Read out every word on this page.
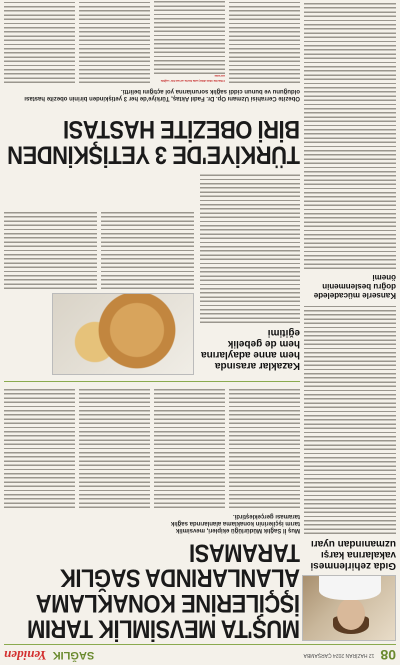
08
12 HAZİRAN 2024 ÇARŞAMBA
SAĞLIK
Yeniden
Gıda zehirlenmesi vakalarına karşı uzmanından uyarı
Kanserle mücadelede doğru beslenmenin önemi
MUŞ'TA MEVSİMLİK TARIM İŞÇİLERİNE KONAKLAMA ALANLARINDA SAĞLIK TARAMASI
Muş İl Sağlık Müdürlüğü ekipleri, mevsimlik tarım işçilerinin konaklama alanlarında sağlık taraması gerçekleştirdi.
Kazaklar arasında hem anne adaylarına hem de gebelik eğitimi
TÜRKİYE'DE 3 YETİŞKİNDEN BİRİ OBEZİTE HASTASI
Obezite Cerrahisi Uzmanı Op. Dr. Fadıl Aktaş, Türkiye'de her 3 yetişkinden birinin obezite hastası olduğunu ve bunun ciddi sağlık sorunlarına yol açtığını belirtti.
Obezite tüm dünyada hızla artan bir sağlık sorunu
